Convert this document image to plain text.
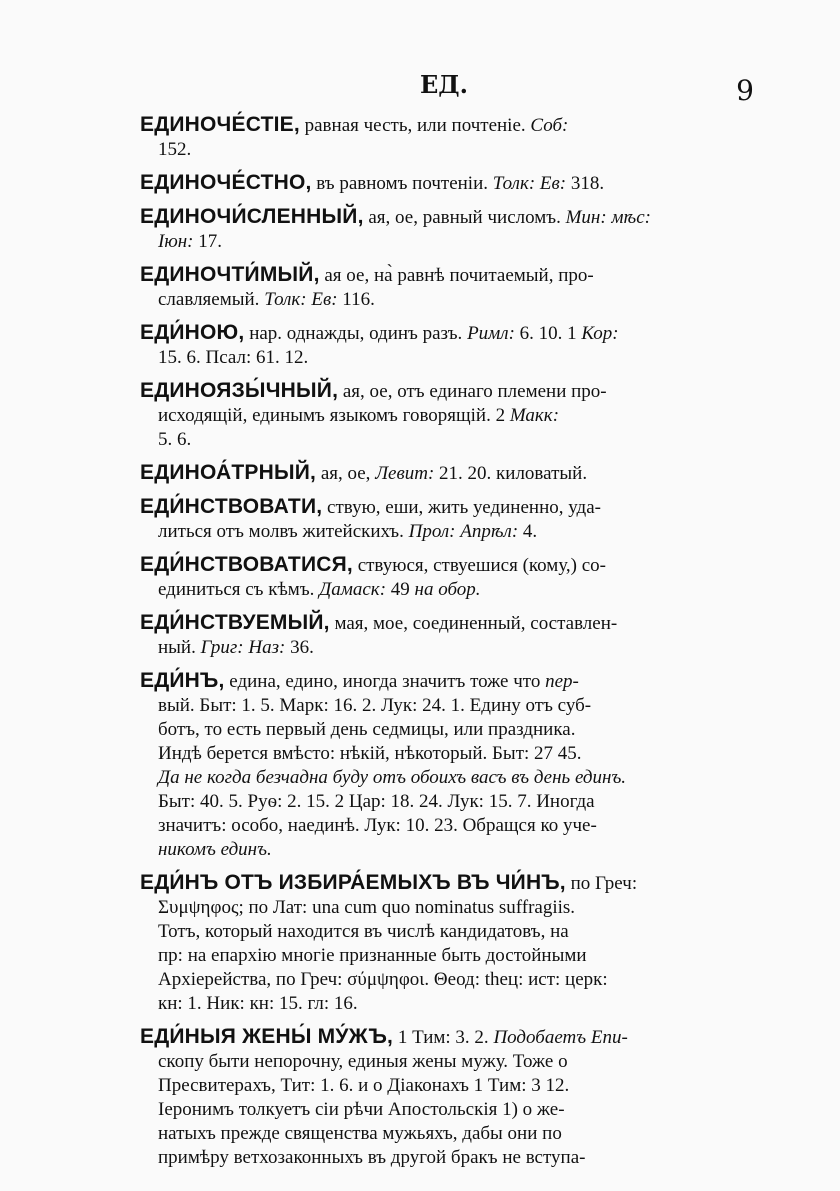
ЕД.	9
ЕДИНОЧЕ́СТІЕ, равная честь, или почтеніе. Соб:
152.
ЕДИНОЧЕ́СТНО, въ равномъ почтеніи. Толк: Ев: 318.
ЕДИНОЧИ́СЛЕННЫЙ, ая, ое, равный числомъ. Мин: мѣс:
Іюн: 17.
ЕДИНОЧТИ́МЫЙ, ая ое, на̀ равнѣ почитаемый, про-
славляемый. Толк: Ев: 116.
ЕДИ́НОЮ, нар. однажды, одинъ разъ. Римл: 6. 10. 1 Кор:
15. 6. Псал: 61. 12.
ЕДИНОЯЗЫ́ЧНЫЙ, ая, ое, отъ единаго племени про-
исходящій, единымъ языкомъ говорящій. 2 Макк:
5. 6.
ЕДИНОА́ТРНЫЙ, ая, ое, Левит: 21. 20. киловатый.
ЕДИ́НСТВОВАТИ, ствую, еши, жить уединенно, уда-
литься отъ молвъ житейскихъ. Прол: Апрѣл: 4.
ЕДИ́НСТВОВАТИСЯ, ствуюся, ствуешися (кому,) со-
единиться съ кѣмъ. Дамаск: 49 на обор.
ЕДИ́НСТВУЕМЫЙ, мая, мое, соединенный, составлен-
ный. Григ: Наз: 36.
ЕДИ́НЪ, едина, едино, иногда значитъ тоже что пер-
вый. Быт: 1. 5. Марк: 16. 2. Лук: 24. 1. Едину отъ суб-
ботъ, то есть первый день седмицы, или праздника.
Индѣ берется вмѣсто: нѣкій, нѣкоторый. Быт: 27 45.
Да не когда безчадна буду отъ обоихъ васъ въ день единъ.
Быт: 40. 5. Руѳ: 2. 15. 2 Цар: 18. 24. Лук: 15. 7. Иногда
значитъ: особо, наединѣ. Лук: 10. 23. Обращся ко уче-
никомъ единъ.
ЕДИ́НЪ ОТЪ ИЗБИРА́ЕМЫХЪ ВЪ ЧИ́НЪ, по Греч:
Συμψηφος; по Лат: una cum quo nominatus suffragiis.
Тотъ, который находится въ числѣ кандидатовъ, на
пр: на епархію многіе признанные быть достойными
Архіерейства, по Греч: σύμψηφοι. Θеод: thец: ист: церк:
кн: 1. Ник: кн: 15. гл: 16.
ЕДИ́НЫЯ ЖЕНЫ́ МУ́ЖЪ, 1 Тим: 3. 2. Подобаетъ Епи-
скопу быти непорочну, единыя жены мужу. Тоже о
Пресвитерахъ, Тит: 1. 6. и о Діаконахъ 1 Тим: 3 12.
Іеронимъ толкуетъ сіи рѣчи Апостольскія 1) о же-
натыхъ прежде священства мужьяхъ, дабы они по
примѣру ветхозаконныхъ въ другой бракъ не вступа-
